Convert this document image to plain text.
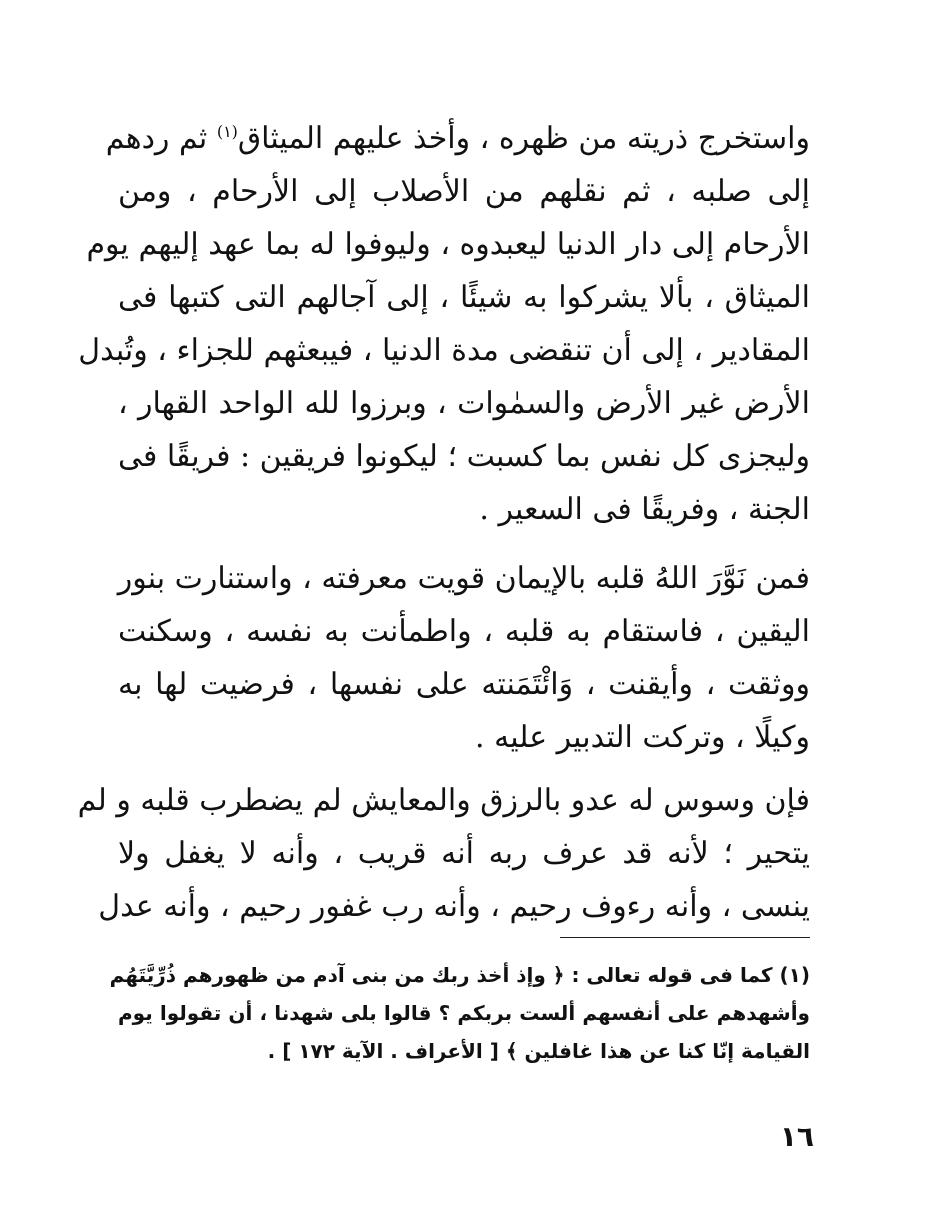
واستخرج ذريته من ظهره ، وأخذ عليهم الميثاق$^{(١)}$ ثم ردهم
إلى صلبه ، ثم نقلهم من الأصلاب إلى الأرحام ، ومن
الأرحام إلى دار الدنيا ليعبدوه ، وليوفوا له بما عهد إليهم يوم
الميثاق ، بألا يشركوا به شيئًا ، إلى آجالهم التى كتبها فى
المقادير ، إلى أن تنقضى مدة الدنيا ، فيبعثهم للجزاء ، وتُبدل
الأرض غير الأرض والسمٰوات ، وبرزوا لله الواحد القهار ،
وليجزى كل نفس بما كسبت ؛ ليكونوا فريقين : فريقًا فى
الجنة ، وفريقًا فى السعير .
فمن نَوَّرَ اللهُ قلبه بالإيمان قويت معرفته ، واستنارت بنور
اليقين ، فاستقام به قلبه ، واطمأنت به نفسه ، وسكنت
ووثقت ، وأيقنت ، وَائْتَمَنته على نفسها ، فرضيت لها به
وكيلًا ، وتركت التدبير عليه .
فإن وسوس له عدو بالرزق والمعايش لم يضطرب قلبه و لم
يتحير ؛ لأنه قد عرف ربه أنه قريب ، وأنه لا يغفل ولا
ينسى ، وأنه رءوف رحيم ، وأنه رب غفور رحيم ، وأنه عدل
(١) كما فى قوله تعالى : ﴿ وإذ أخذ ربك من بنى آدم من ظهورهم ذُرِّيَّتَهُم
وأشهدهم على أنفسهم ألست بربكم ؟ قالوا بلى شهدنا ، أن تقولوا يوم
القيامة إنّا كنا عن هذا غافلين ﴾ [ الأعراف . الآية ١٧٢ ] .
١٦
